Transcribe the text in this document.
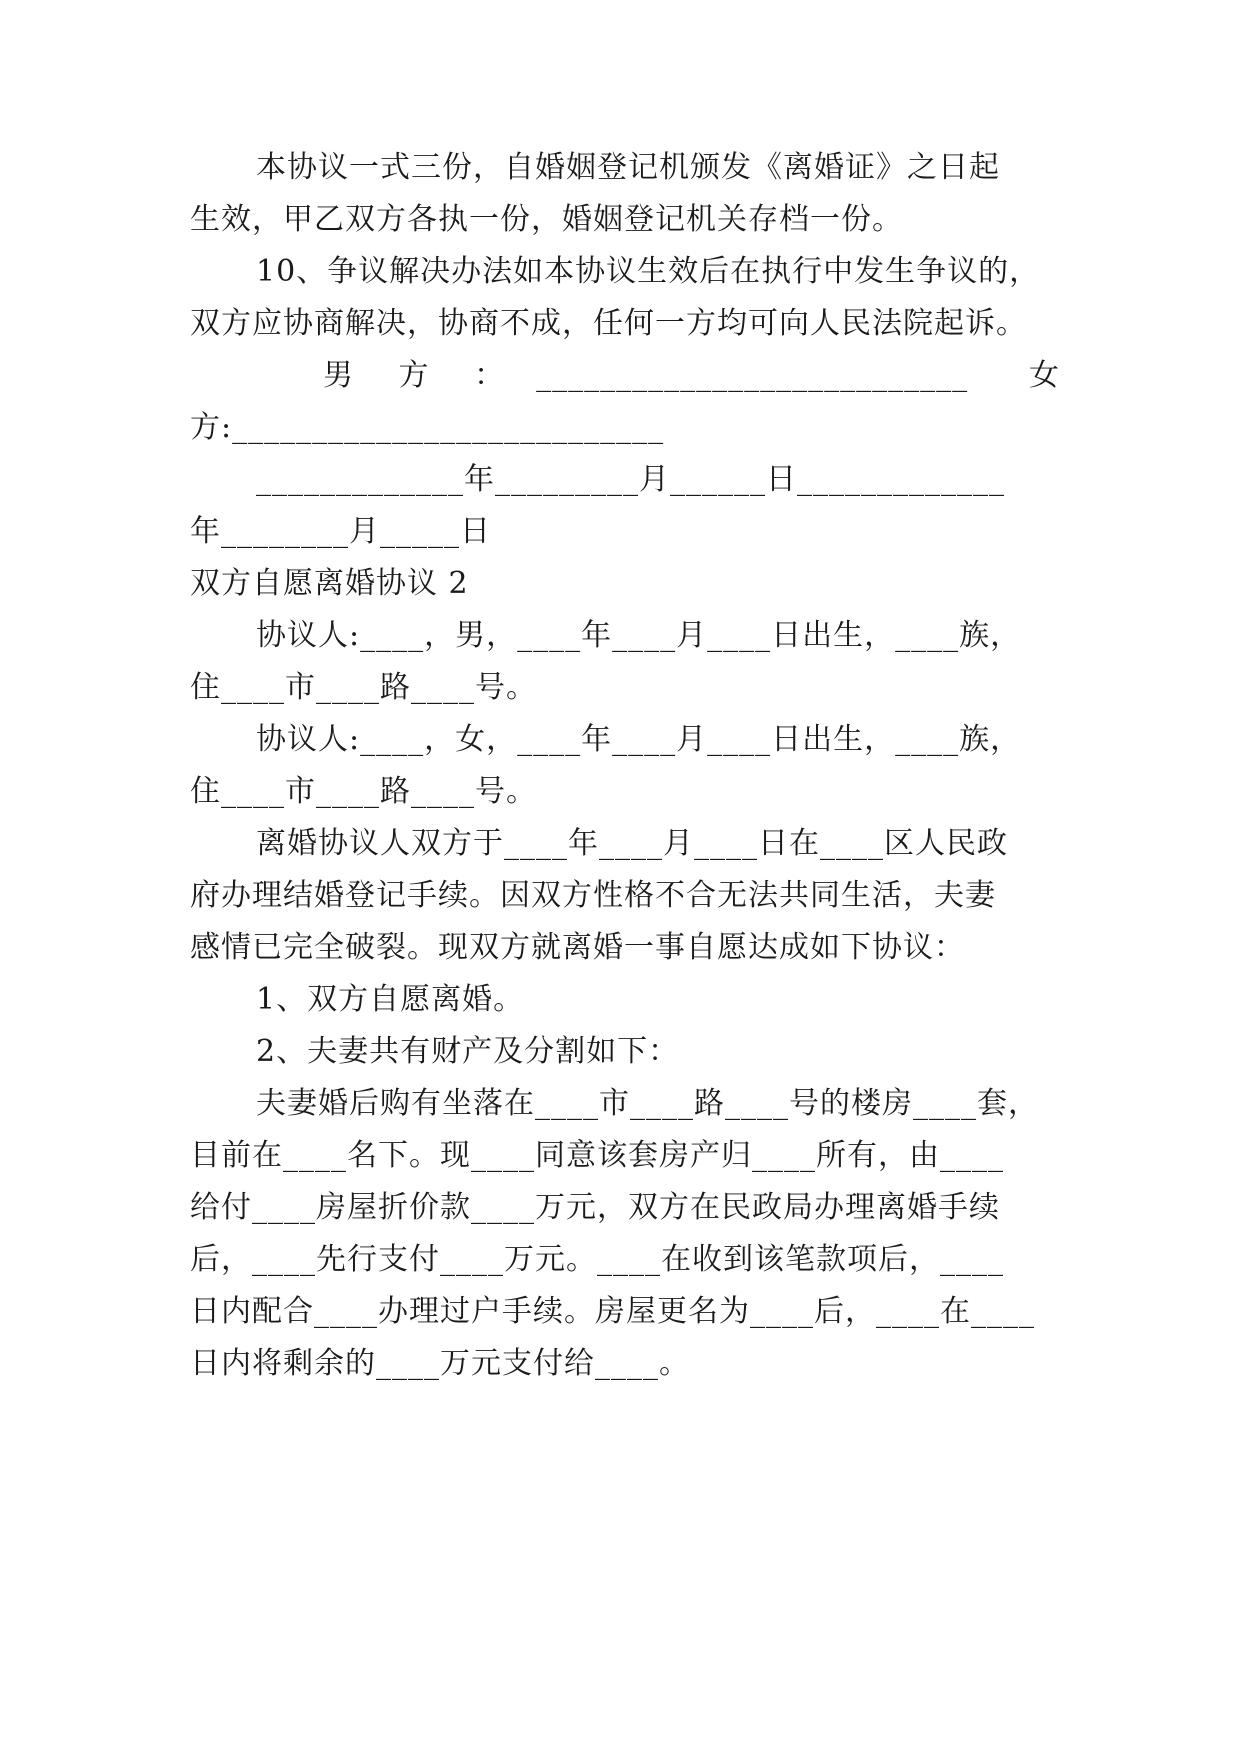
本协议一式三份，自婚姻登记机颁发《离婚证》之日起
生效，甲乙双方各执一份，婚姻登记机关存档一份。
10、争议解决办法如本协议生效后在执行中发生争议的，
双方应协商解决，协商不成，任何一方均可向人民法院起诉。
男 方 ： ___________________________	女
方:___________________________
_____________年_________月______日_____________
年________月_____日
双方自愿离婚协议 2
协议人:____，男，____年____月____日出生，____族，
住____市____路____号。
协议人:____，女，____年____月____日出生，____族，
住____市____路____号。
离婚协议人双方于____年____月____日在____区人民政
府办理结婚登记手续。因双方性格不合无法共同生活，夫妻
感情已完全破裂。现双方就离婚一事自愿达成如下协议：
1、双方自愿离婚。
2、夫妻共有财产及分割如下：
夫妻婚后购有坐落在____市____路____号的楼房____套，
目前在____名下。现____同意该套房产归____所有，由____
给付____房屋折价款____万元，双方在民政局办理离婚手续
后，____先行支付____万元。____在收到该笔款项后，____
日内配合____办理过户手续。房屋更名为____后，____在____
日内将剩余的____万元支付给____。
